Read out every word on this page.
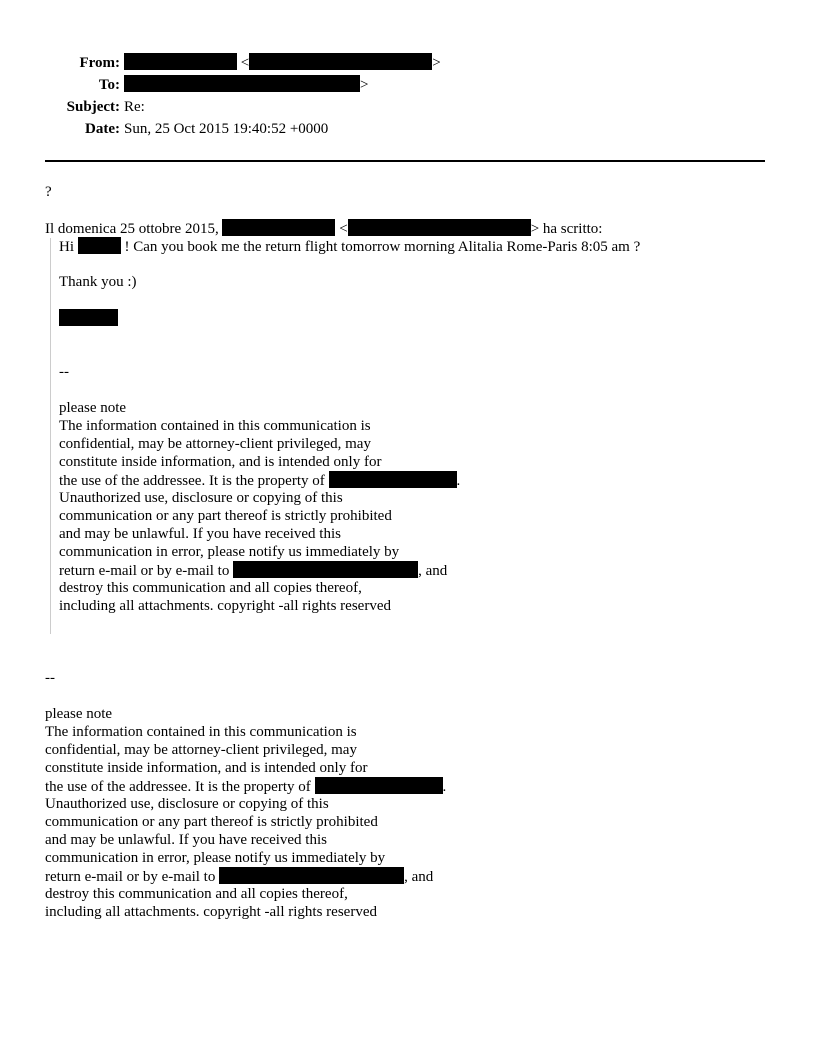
From:	<	>
To:	>
Subject: Re:
Date: Sun, 25 Oct 2015 19:40:52 +0000
?
Il domenica 25 ottobre 2015,	<	> ha scritto:
Hi	! Can you book me the return flight tomorrow morning Alitalia Rome-Paris 8:05 am ?
Thank you :)
--
please note
The information contained in this communication is
confidential, may be attorney-client privileged, may
constitute inside information, and is intended only for
the use of the addressee. It is the property of	.
Unauthorized use, disclosure or copying of this
communication or any part thereof is strictly prohibited
and may be unlawful. If you have received this
communication in error, please notify us immediately by
return e-mail or by e-mail to	, and
destroy this communication and all copies thereof,
including all attachments. copyright -all rights reserved
--
please note
The information contained in this communication is
confidential, may be attorney-client privileged, may
constitute inside information, and is intended only for
the use of the addressee. It is the property of	.
Unauthorized use, disclosure or copying of this
communication or any part thereof is strictly prohibited
and may be unlawful. If you have received this
communication in error, please notify us immediately by
return e-mail or by e-mail to	, and
destroy this communication and all copies thereof,
including all attachments. copyright -all rights reserved
